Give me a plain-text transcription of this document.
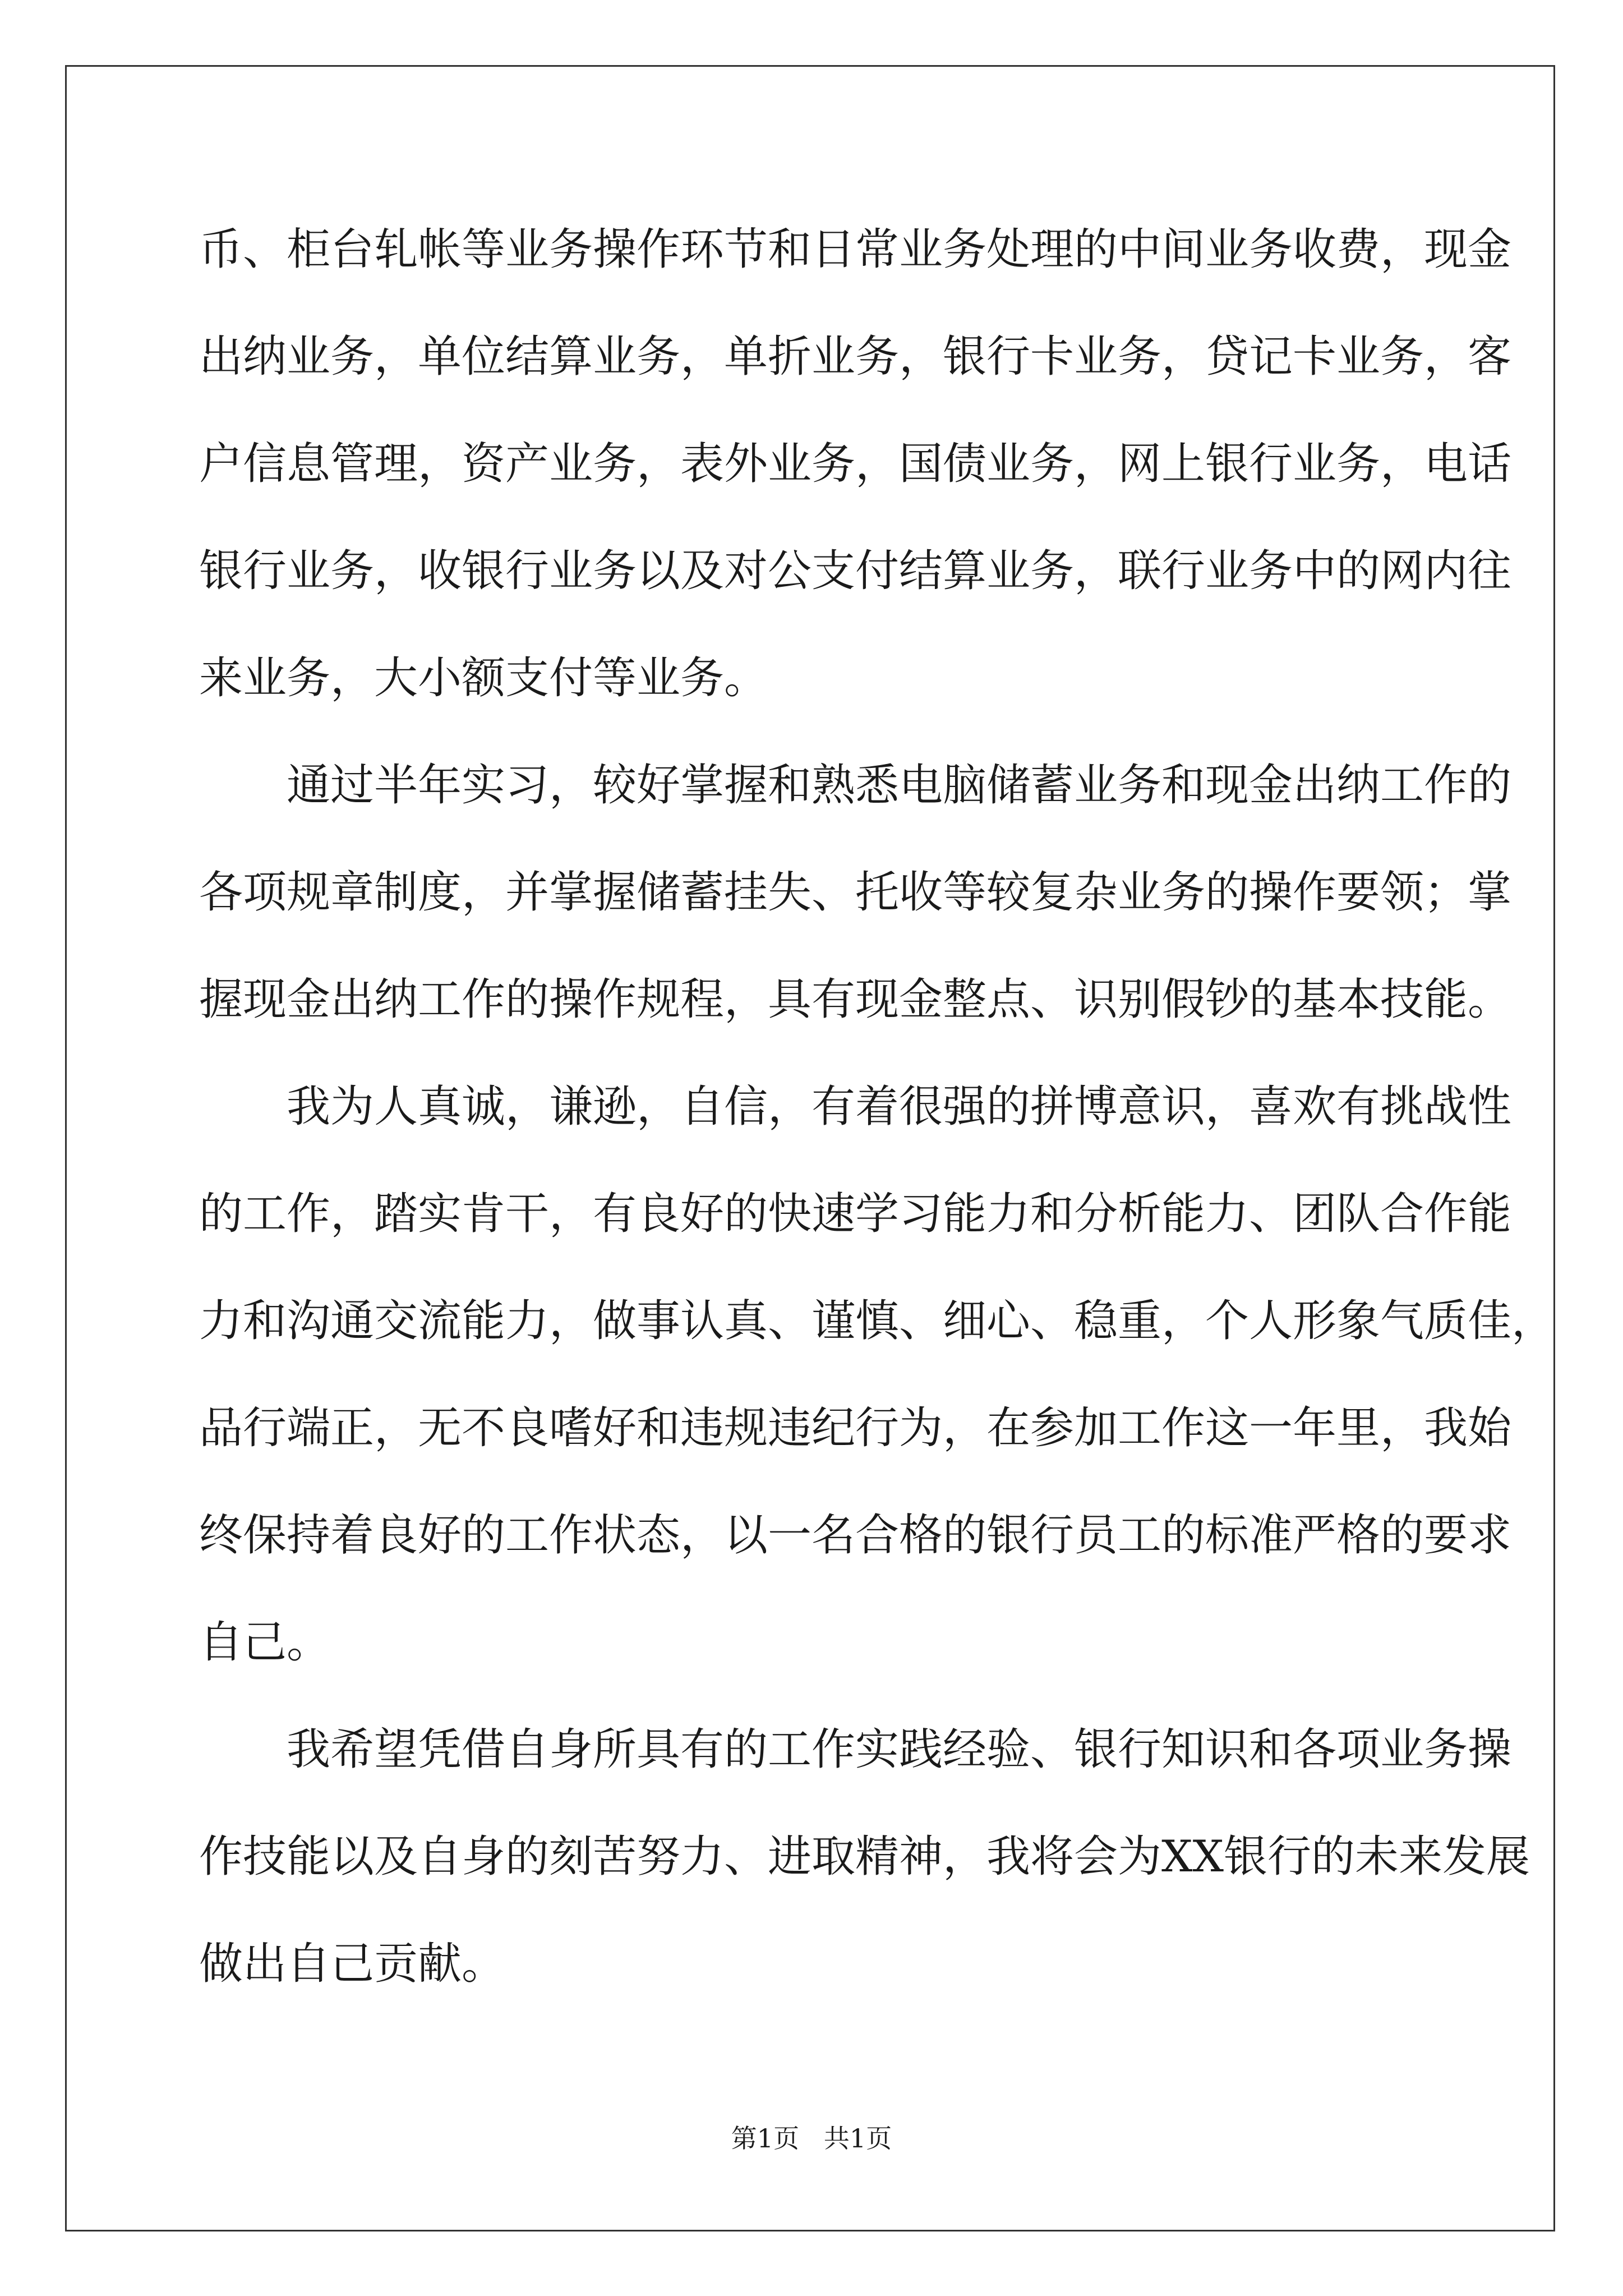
币、柜台轧帐等业务操作环节和日常业务处理的中间业务收费，现金
出纳业务，单位结算业务，单折业务，银行卡业务，贷记卡业务，客
户信息管理，资产业务，表外业务，国债业务，网上银行业务，电话
银行业务，收银行业务以及对公支付结算业务，联行业务中的网内往
来业务，大小额支付等业务。
通过半年实习，较好掌握和熟悉电脑储蓄业务和现金出纳工作的
各项规章制度，并掌握储蓄挂失、托收等较复杂业务的操作要领；掌
握现金出纳工作的操作规程，具有现金整点、识别假钞的基本技能。
我为人真诚，谦逊，自信，有着很强的拼博意识，喜欢有挑战性
的工作，踏实肯干，有良好的快速学习能力和分析能力、团队合作能
力和沟通交流能力，做事认真、谨慎、细心、稳重，个人形象气质佳，
品行端正，无不良嗜好和违规违纪行为，在参加工作这一年里，我始
终保持着良好的工作状态，以一名合格的银行员工的标准严格的要求
自己。
我希望凭借自身所具有的工作实践经验、银行知识和各项业务操
作技能以及自身的刻苦努力、进取精神，我将会为XX银行的未来发展
做出自己贡献。
第1页   共1页
